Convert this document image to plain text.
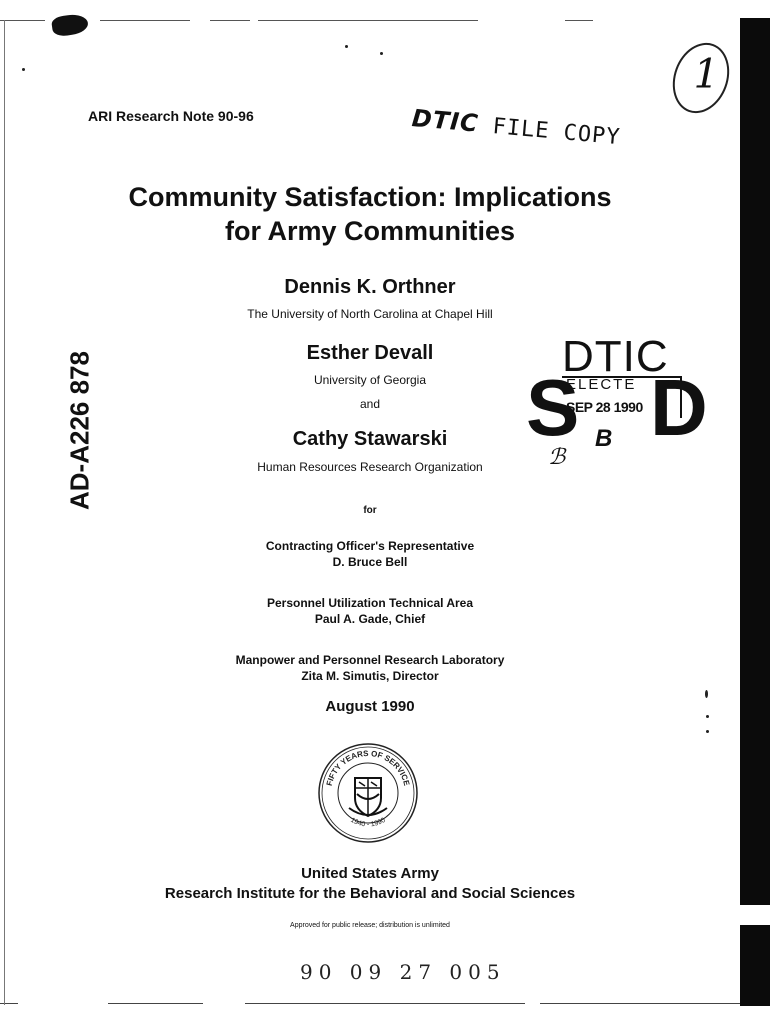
ARI Research Note 90-96	DTIC FILE COPY
1
AD-A226 878
Community Satisfaction: Implications
for Army Communities
Dennis K. Orthner
The University of North Carolina at Chapel Hill
Esther Devall
University of Georgia
and
Cathy Stawarski
Human Resources Research Organization
for
DTIC
ELECTE
SEP 28 1990
S D
B
ℬ
Contracting Officer's Representative
D. Bruce Bell
Personnel Utilization Technical Area
Paul A. Gade, Chief
Manpower and Personnel Research Laboratory
Zita M. Simutis, Director
August 1990
FIFTY YEARS OF SERVICE
1940 - 1990
United States Army
Research Institute for the Behavioral and Social Sciences
Approved for public release; distribution is unlimited
90 09 27 005
